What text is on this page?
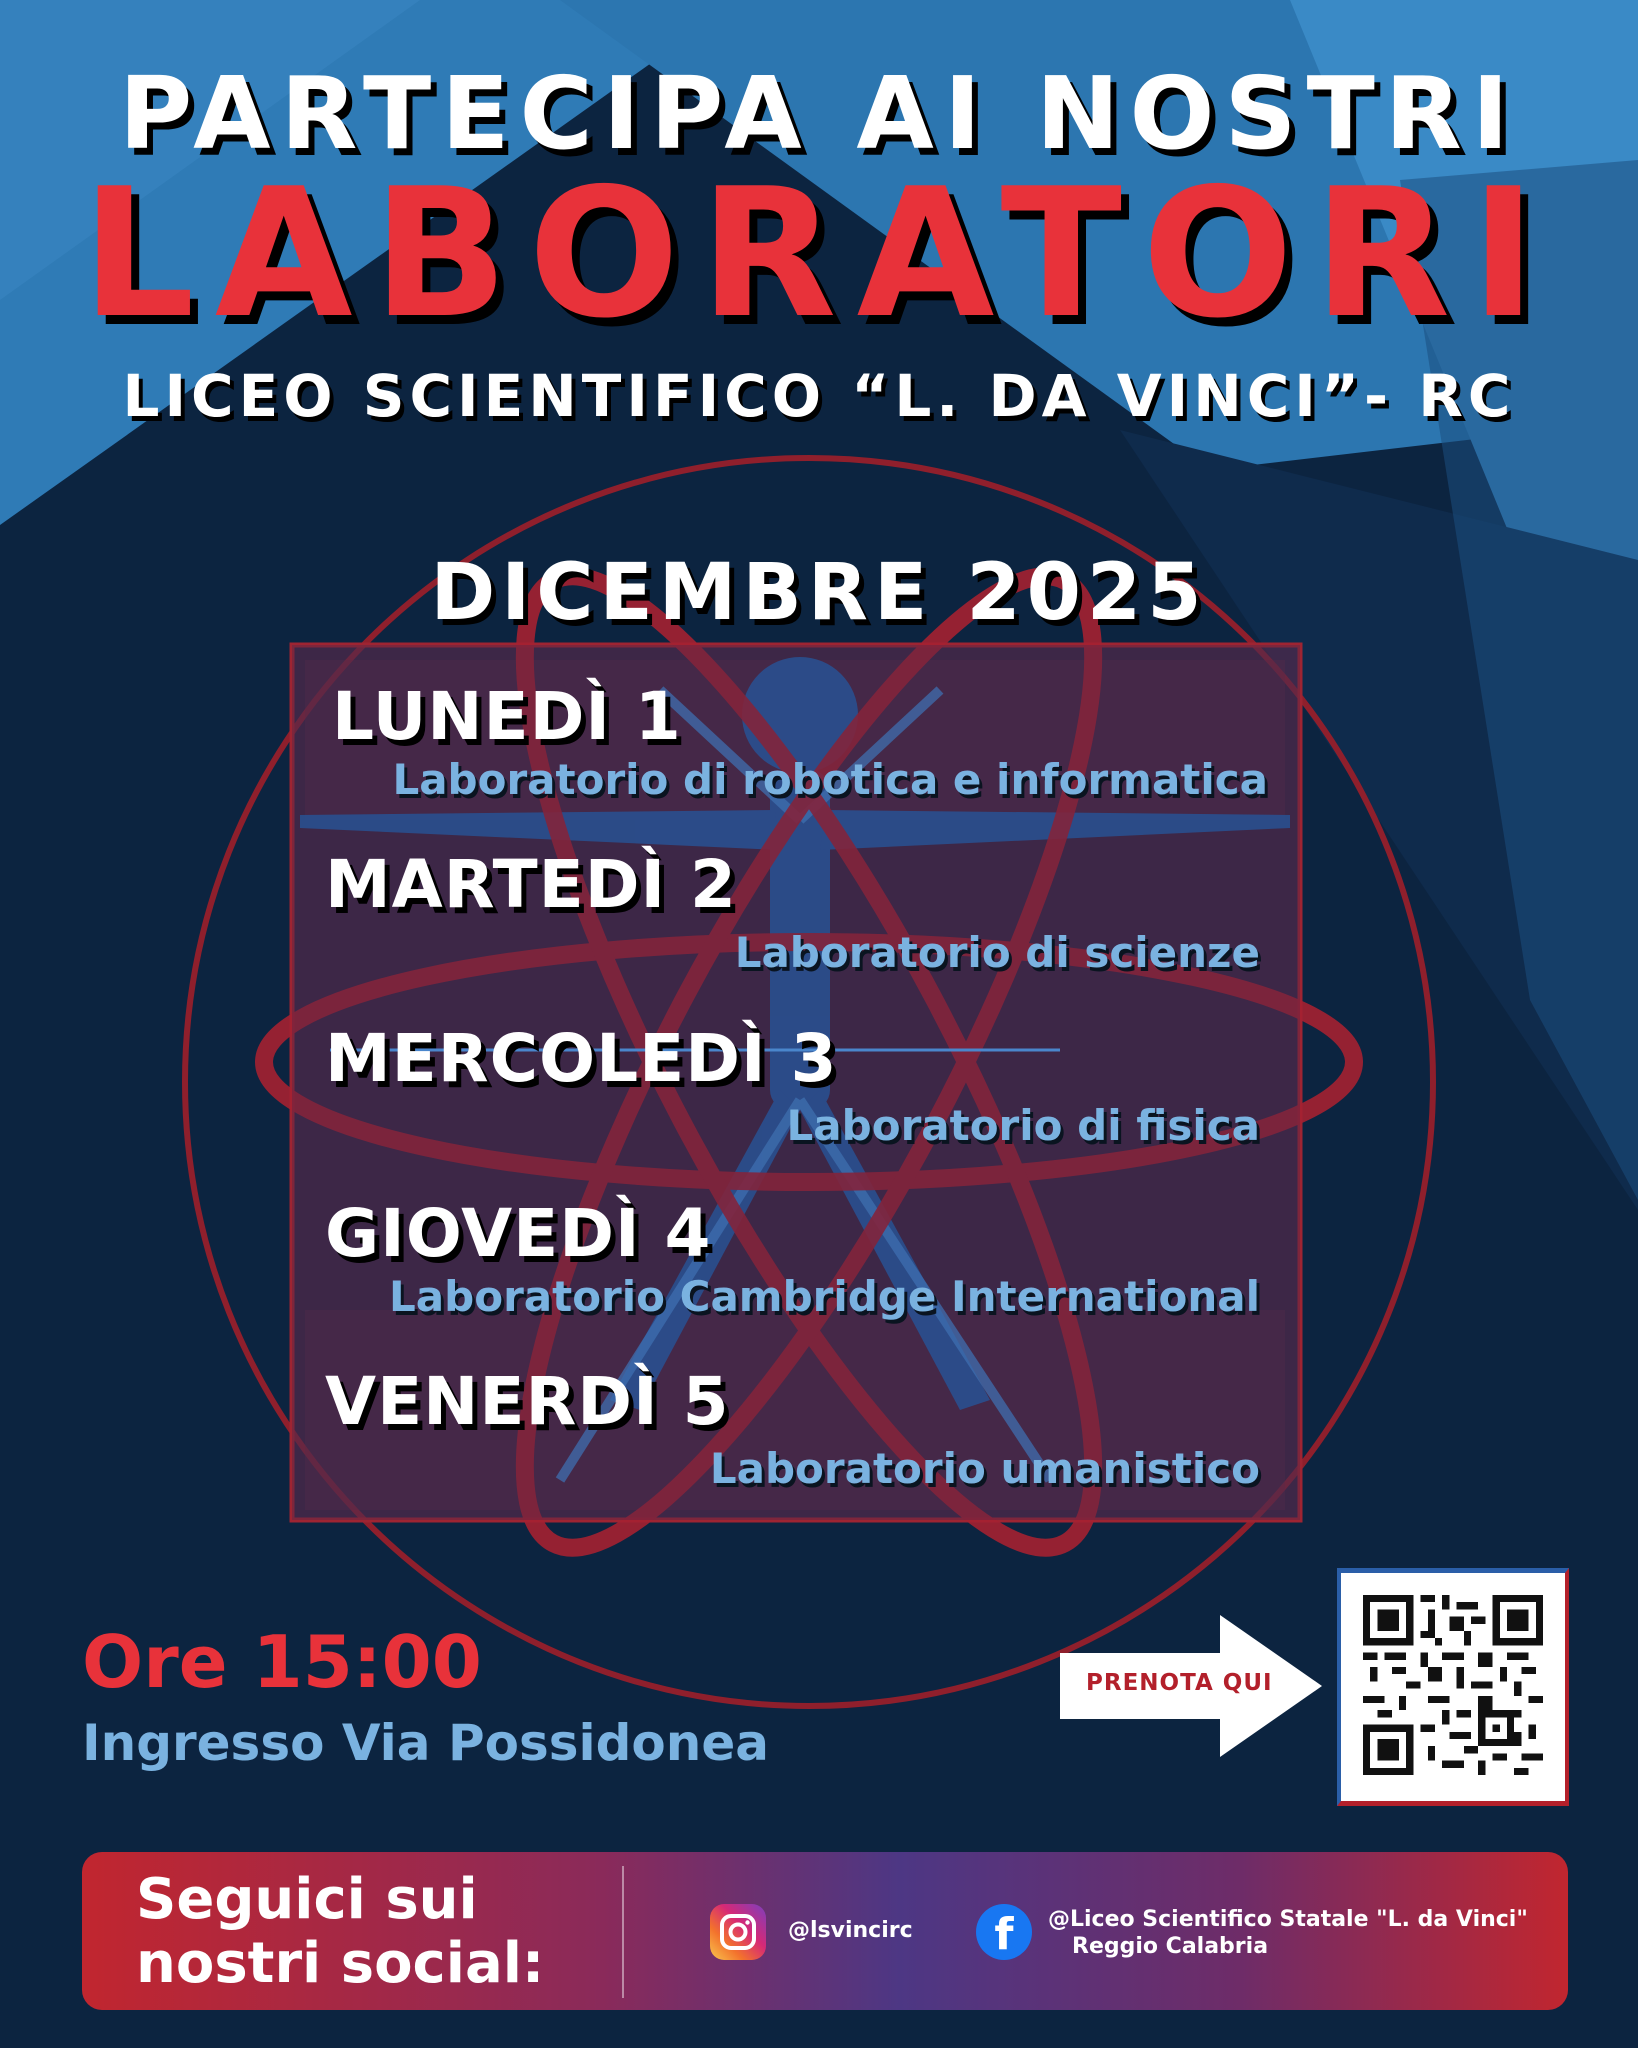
PARTECIPA AI NOSTRI
LABORATORI
LICEO SCIENTIFICO “L. DA VINCI”- RC
DICEMBRE 2025
LUNEDÌ 1
Laboratorio di robotica e informatica
MARTEDÌ 2
Laboratorio di scienze
MERCOLEDÌ 3
Laboratorio di fisica
GIOVEDÌ 4
Laboratorio Cambridge International
VENERDÌ 5
Laboratorio umanistico
Ore 15:00
Ingresso Via Possidonea
PRENOTA QUI
Seguici sui
nostri social:
@lsvincirc	f	@Liceo Scientifico Statale "L. da Vinci"
Reggio Calabria
